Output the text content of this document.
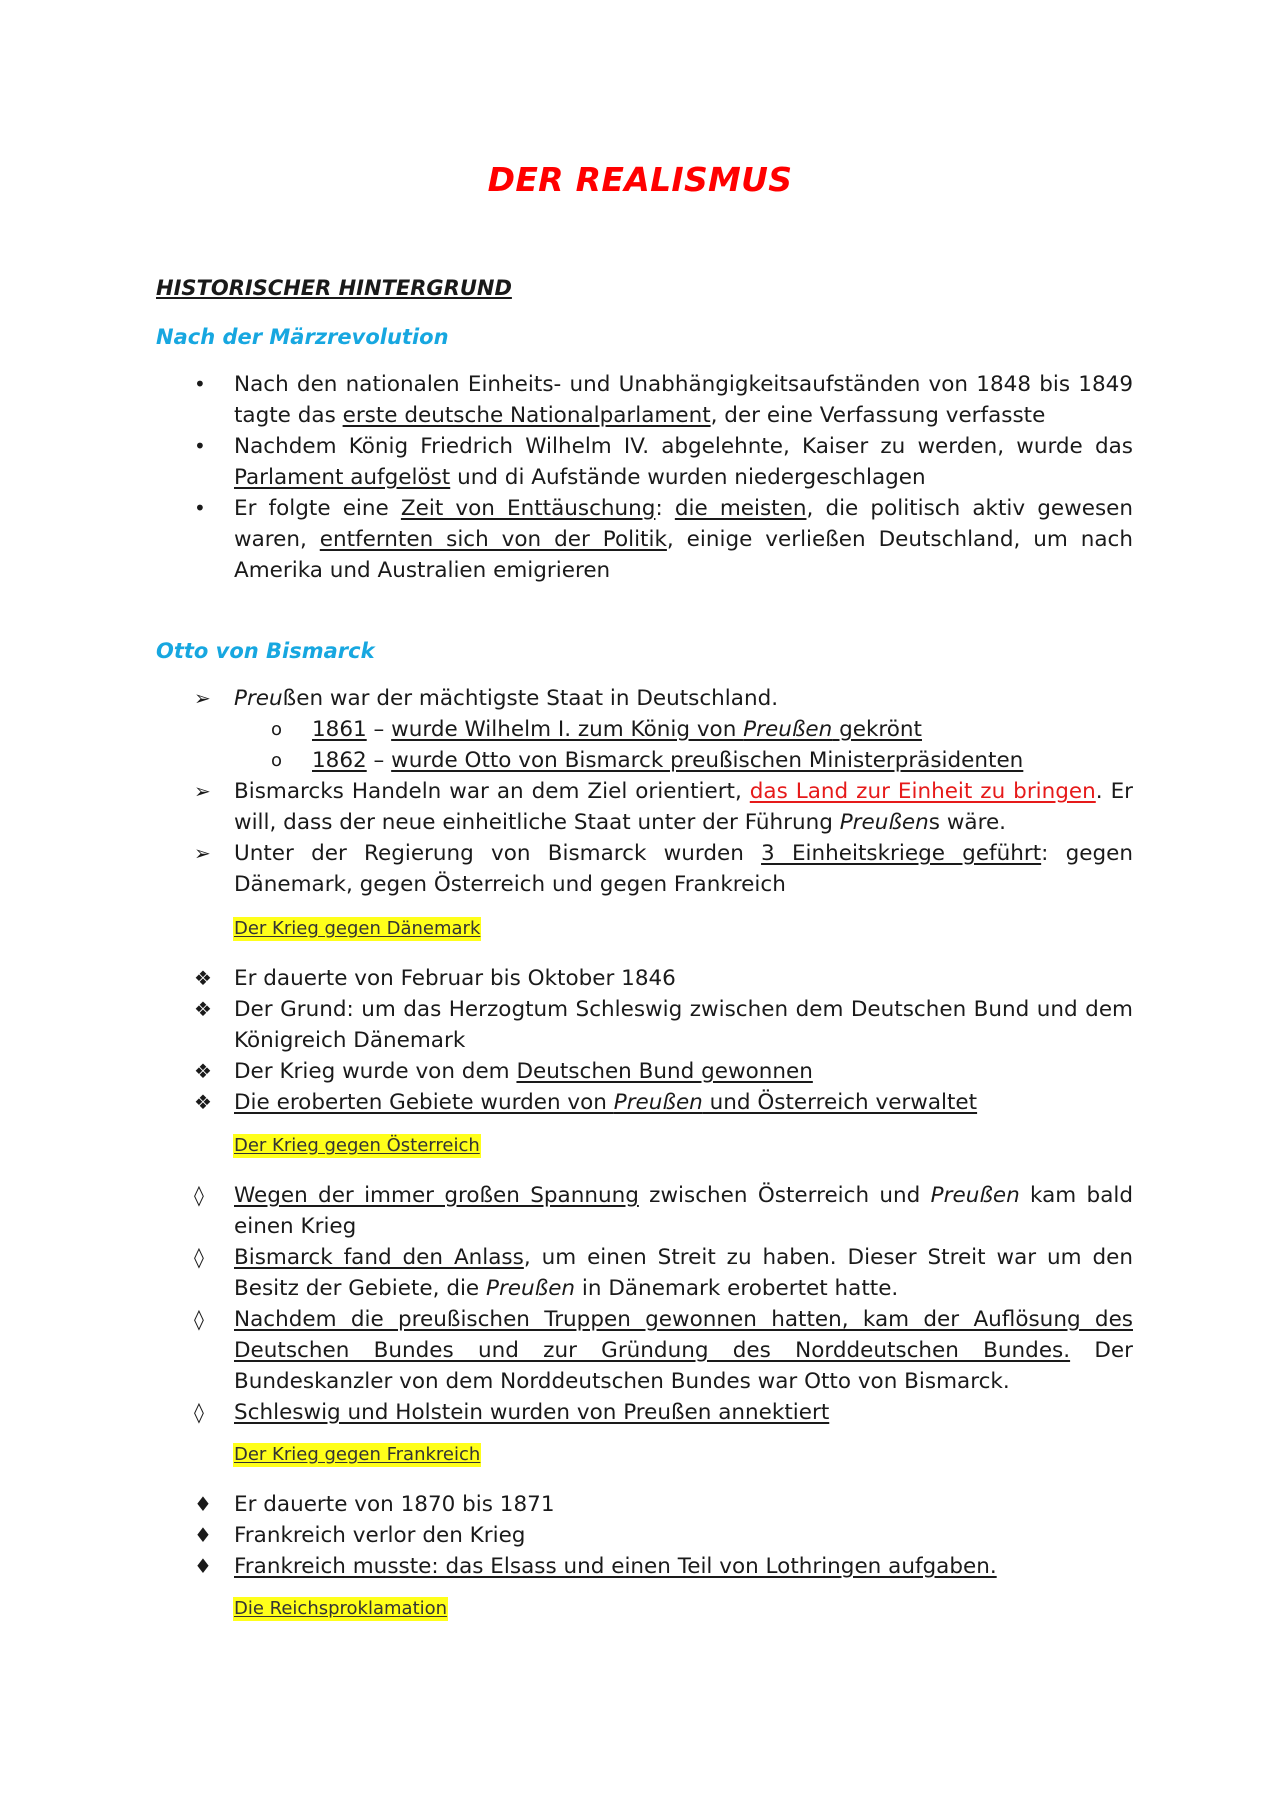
DER REALISMUS
HISTORISCHER HINTERGRUND
Nach der Märzrevolution
•	Nach den nationalen Einheits- und Unabhängigkeitsaufständen von 1848 bis 1849 tagte das erste deutsche Nationalparlament, der eine Verfassung verfasste
•	Nachdem König Friedrich Wilhelm IV. abgelehnte, Kaiser zu werden, wurde das Parlament aufgelöst und di Aufstände wurden niedergeschlagen
•	Er folgte eine Zeit von Enttäuschung: die meisten, die politisch aktiv gewesen waren, entfernten sich von der Politik, einige verließen Deutschland, um nach Amerika und Australien emigrieren
Otto von Bismarck
➢	Preußen war der mächtigste Staat in Deutschland.
o	1861 – wurde Wilhelm I. zum König von Preußen gekrönt
o	1862 – wurde Otto von Bismarck preußischen Ministerpräsidenten
➢	Bismarcks Handeln war an dem Ziel orientiert, das Land zur Einheit zu bringen. Er will, dass der neue einheitliche Staat unter der Führung Preußens wäre.
➢	Unter der Regierung von Bismarck wurden 3 Einheitskriege geführt: gegen Dänemark, gegen Österreich und gegen Frankreich
Der Krieg gegen Dänemark
❖	Er dauerte von Februar bis Oktober 1846
❖	Der Grund: um das Herzogtum Schleswig zwischen dem Deutschen Bund und dem Königreich Dänemark
❖	Der Krieg wurde von dem Deutschen Bund gewonnen
❖	Die eroberten Gebiete wurden von Preußen und Österreich verwaltet
Der Krieg gegen Österreich
◊	Wegen der immer großen Spannung zwischen Österreich und Preußen kam bald einen Krieg
◊	Bismarck fand den Anlass, um einen Streit zu haben. Dieser Streit war um den Besitz der Gebiete, die Preußen in Dänemark erobertet hatte.
◊	Nachdem die preußischen Truppen gewonnen hatten, kam der Auflösung des Deutschen Bundes und zur Gründung des Norddeutschen Bundes. Der Bundeskanzler von dem Norddeutschen Bundes war Otto von Bismarck.
◊	Schleswig und Holstein wurden von Preußen annektiert
Der Krieg gegen Frankreich
♦	Er dauerte von 1870 bis 1871
♦	Frankreich verlor den Krieg
♦	Frankreich musste: das Elsass und einen Teil von Lothringen aufgaben.
Die Reichsproklamation
